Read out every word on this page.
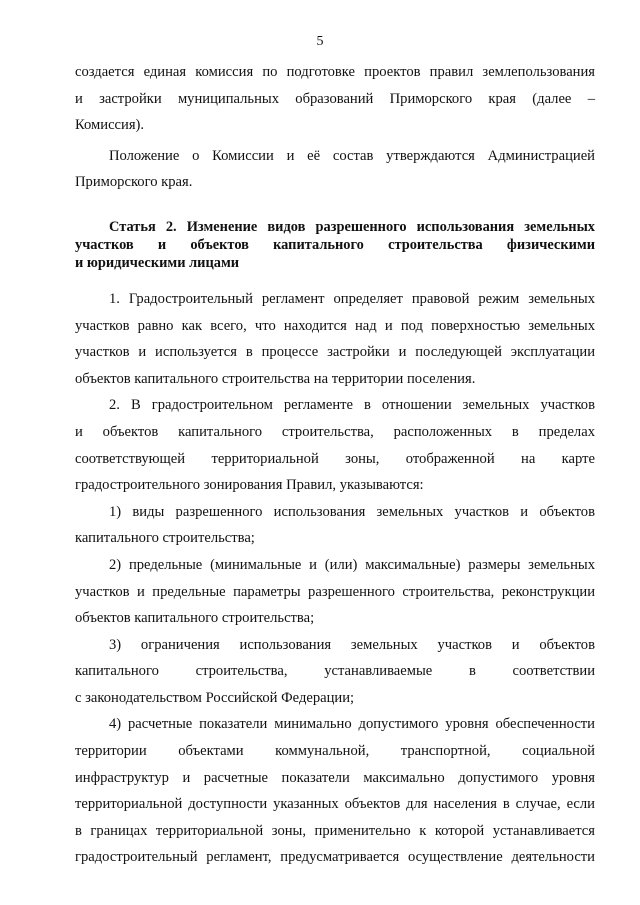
5

создается единая комиссия по подготовке проектов правил землепользования
и застройки муниципальных образований Приморского края (далее –
Комиссия).

Положение о Комиссии и её состав утверждаются Администрацией
Приморского края.

Статья 2. Изменение видов разрешенного использования земельных
участков и объектов капитального строительства физическими
и юридическими лицами

1. Градостроительный регламент определяет правовой режим земельных
участков равно как всего, что находится над и под поверхностью земельных
участков и используется в процессе застройки и последующей эксплуатации
объектов капитального строительства на территории поселения.

2. В градостроительном регламенте в отношении земельных участков
и объектов капитального строительства, расположенных в пределах
соответствующей территориальной зоны, отображенной на карте
градостроительного зонирования Правил, указываются:

1) виды разрешенного использования земельных участков и объектов
капитального строительства;

2) предельные (минимальные и (или) максимальные) размеры земельных
участков и предельные параметры разрешенного строительства, реконструкции
объектов капитального строительства;

3) ограничения использования земельных участков и объектов
капитального строительства, устанавливаемые в соответствии
с законодательством Российской Федерации;

4) расчетные показатели минимально допустимого уровня обеспеченности
территории объектами коммунальной, транспортной, социальной
инфраструктур и расчетные показатели максимально допустимого уровня
территориальной доступности указанных объектов для населения в случае, если
в границах территориальной зоны, применительно к которой устанавливается
градостроительный регламент, предусматривается осуществление деятельности
